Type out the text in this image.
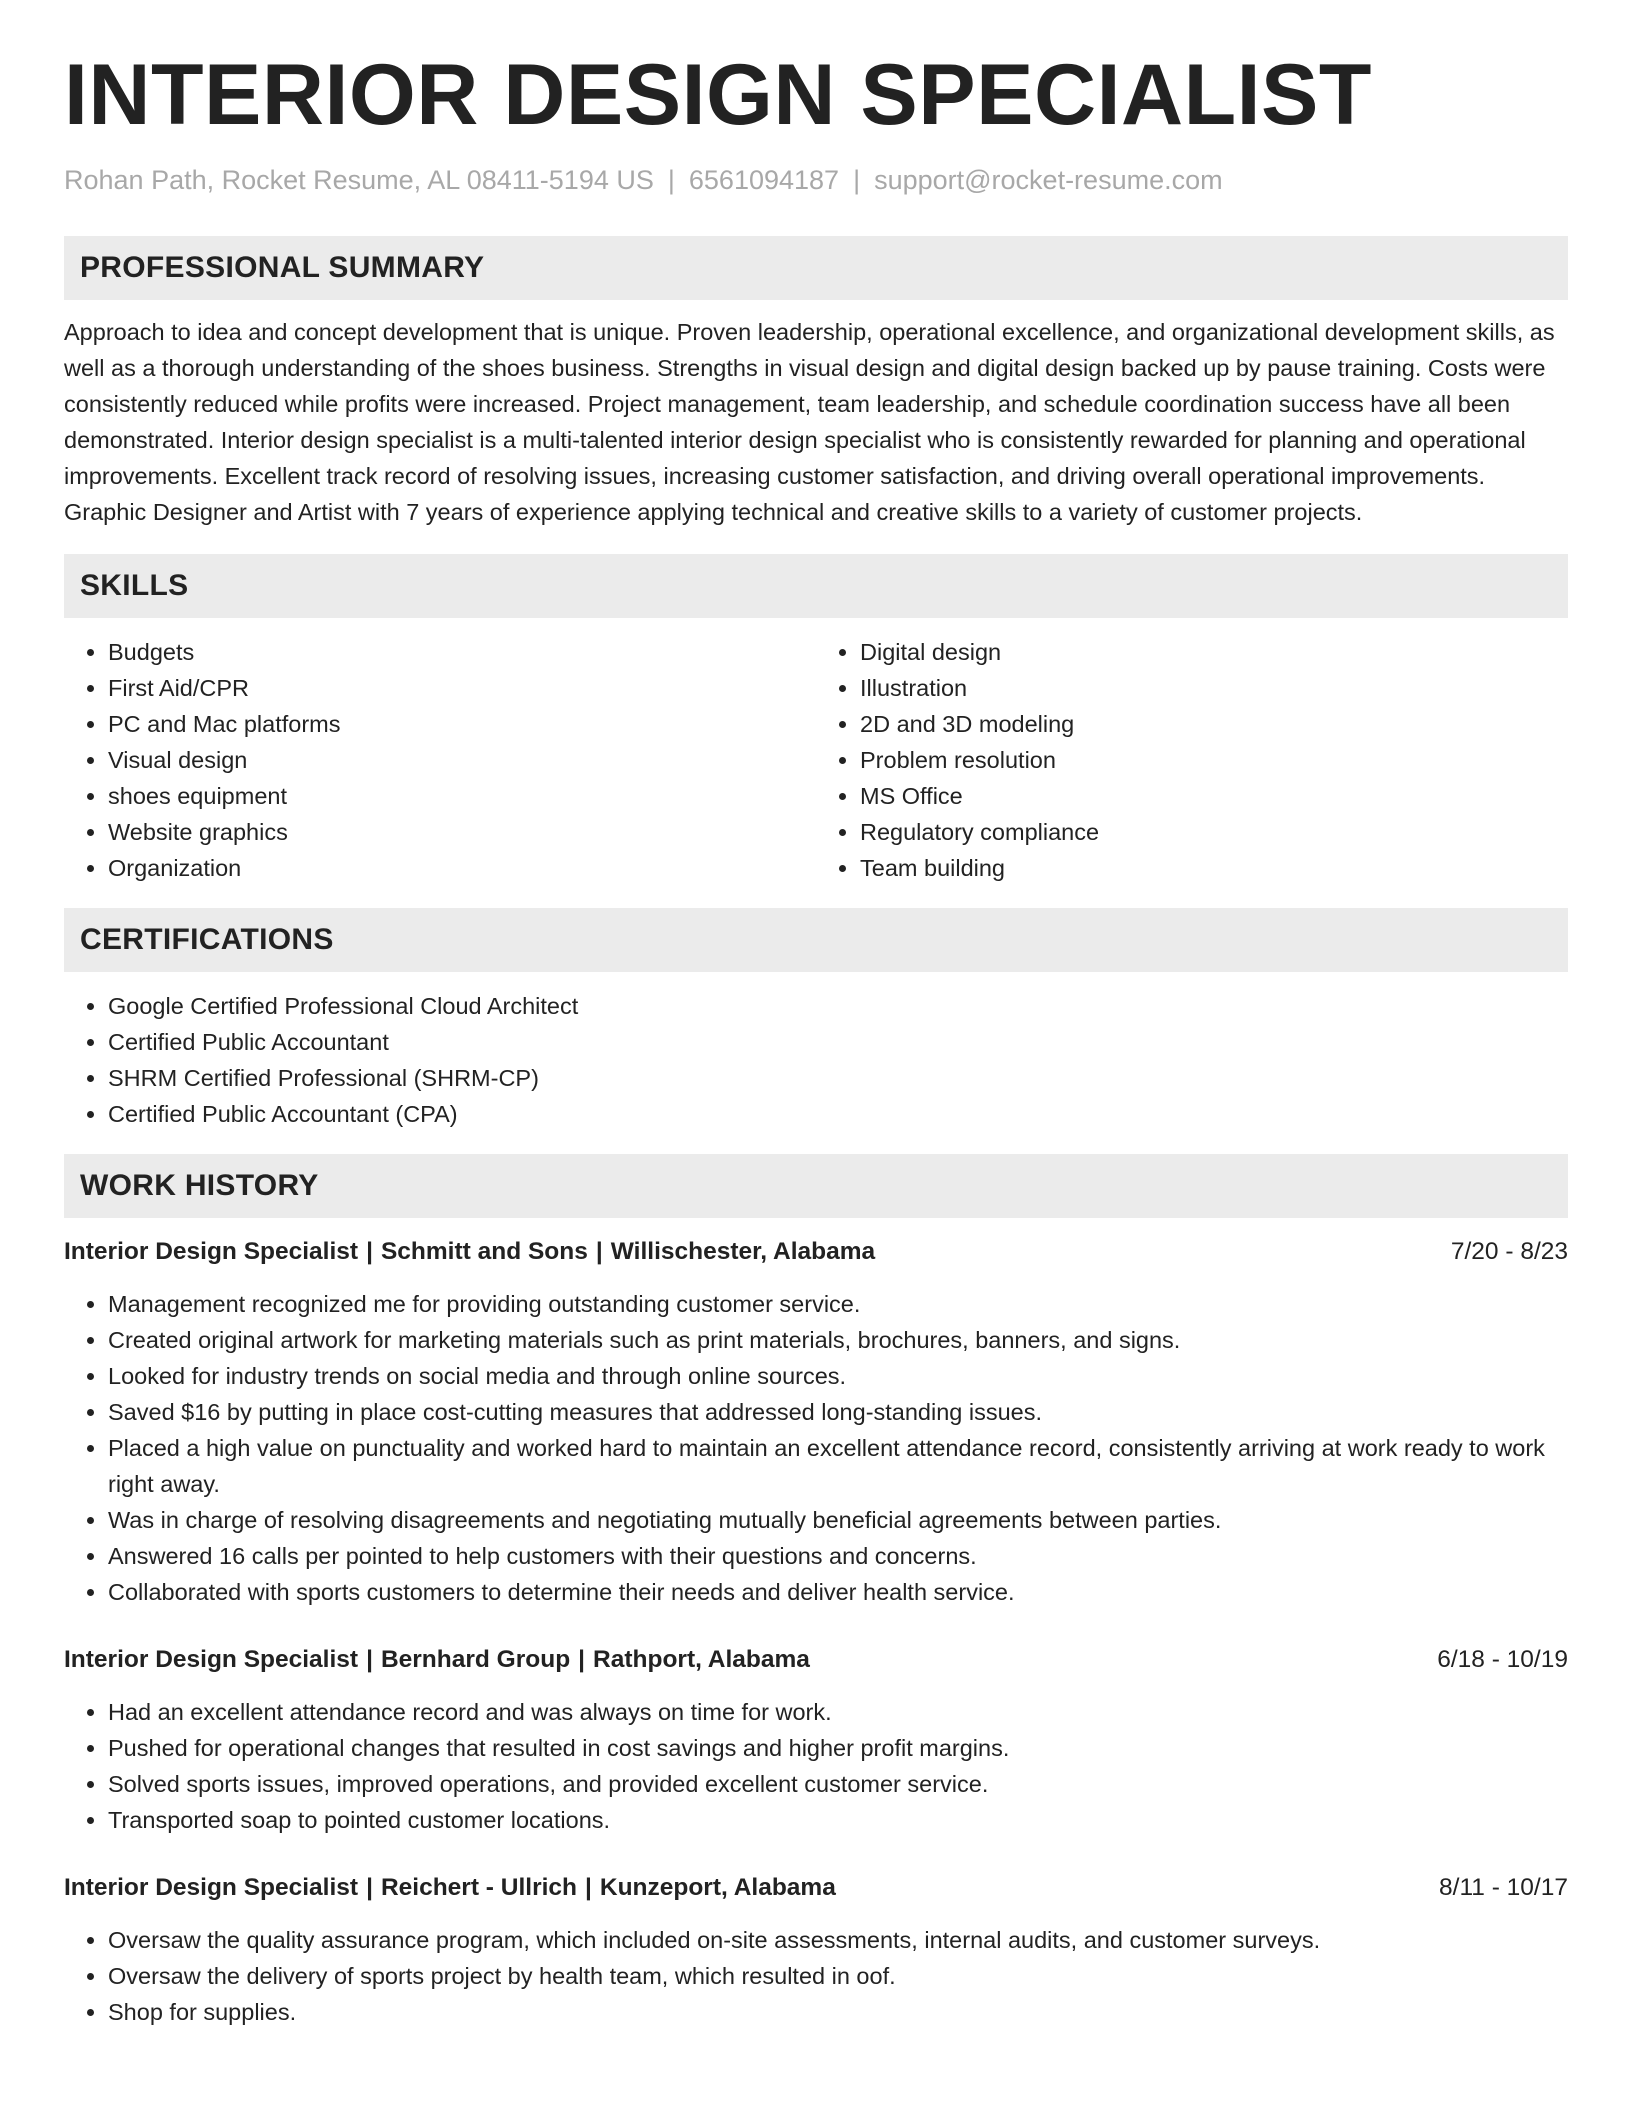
INTERIOR DESIGN SPECIALIST
Rohan Path, Rocket Resume, AL 08411-5194 US | 6561094187 | support@rocket-resume.com
PROFESSIONAL SUMMARY

Approach to idea and concept development that is unique. Proven leadership, operational excellence, and organizational development skills, as well as a thorough understanding of the shoes business. Strengths in visual design and digital design backed up by pause training. Costs were consistently reduced while profits were increased. Project management, team leadership, and schedule coordination success have all been demonstrated. Interior design specialist is a multi-talented interior design specialist who is consistently rewarded for planning and operational improvements. Excellent track record of resolving issues, increasing customer satisfaction, and driving overall operational improvements. Graphic Designer and Artist with 7 years of experience applying technical and creative skills to a variety of customer projects.

SKILLS
• Budgets
• First Aid/CPR
• PC and Mac platforms
• Visual design
• shoes equipment
• Website graphics
• Organization
• Digital design
• Illustration
• 2D and 3D modeling
• Problem resolution
• MS Office
• Regulatory compliance
• Team building
CERTIFICATIONS
• Google Certified Professional Cloud Architect
• Certified Public Accountant
• SHRM Certified Professional (SHRM-CP)
• Certified Public Accountant (CPA)
WORK HISTORY
Interior Design Specialist | Schmitt and Sons | Willischester, Alabama	7/20 - 8/23
• Management recognized me for providing outstanding customer service.
• Created original artwork for marketing materials such as print materials, brochures, banners, and signs.
• Looked for industry trends on social media and through online sources.
• Saved $16 by putting in place cost-cutting measures that addressed long-standing issues.
• Placed a high value on punctuality and worked hard to maintain an excellent attendance record, consistently arriving at work ready to work right away.
• Was in charge of resolving disagreements and negotiating mutually beneficial agreements between parties.
• Answered 16 calls per pointed to help customers with their questions and concerns.
• Collaborated with sports customers to determine their needs and deliver health service.
Interior Design Specialist | Bernhard Group | Rathport, Alabama	6/18 - 10/19
• Had an excellent attendance record and was always on time for work.
• Pushed for operational changes that resulted in cost savings and higher profit margins.
• Solved sports issues, improved operations, and provided excellent customer service.
• Transported soap to pointed customer locations.
Interior Design Specialist | Reichert - Ullrich | Kunzeport, Alabama	8/11 - 10/17
• Oversaw the quality assurance program, which included on-site assessments, internal audits, and customer surveys.
• Oversaw the delivery of sports project by health team, which resulted in oof.
• Shop for supplies.
